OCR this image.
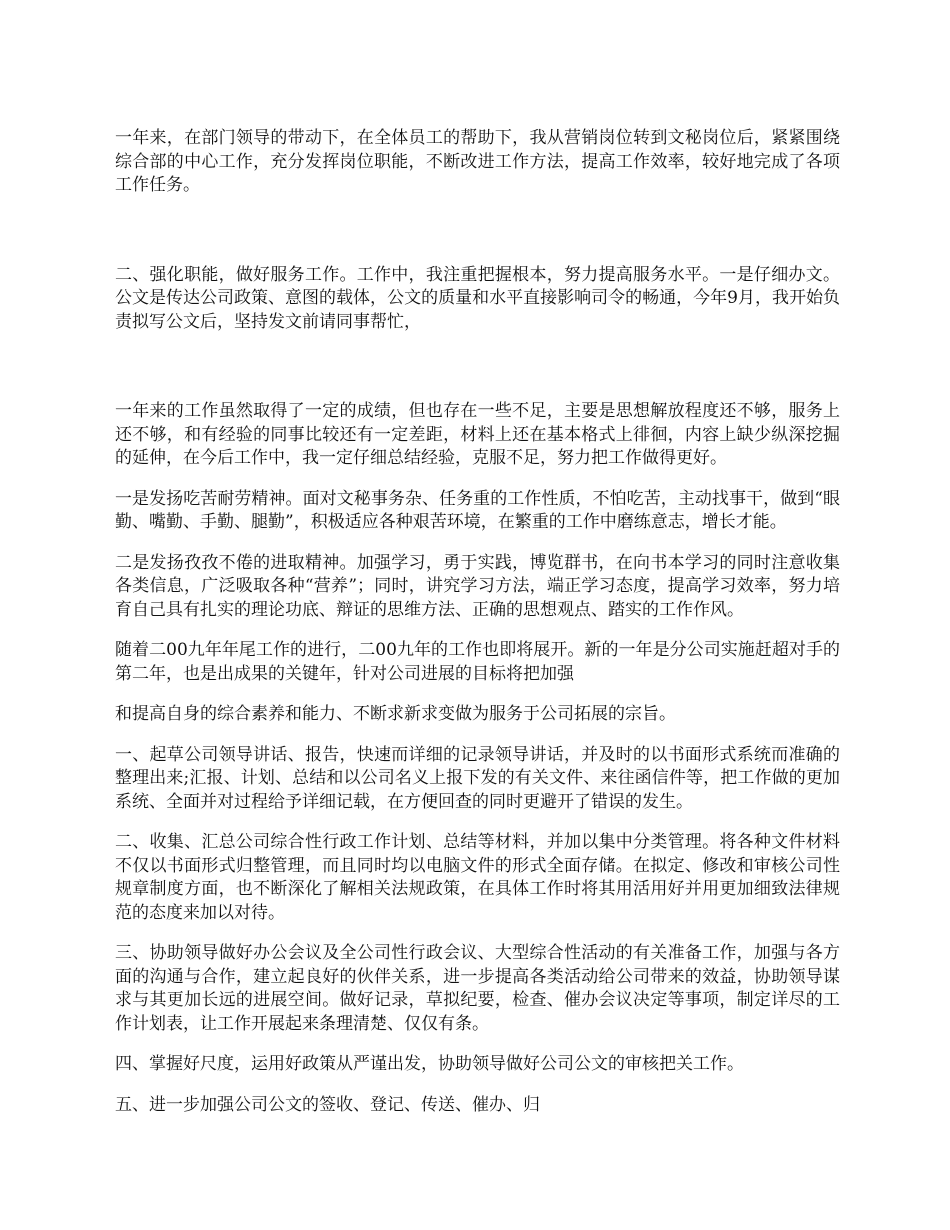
一年来，在部门领导的带动下，在全体员工的帮助下，我从营销岗位转到文秘岗位后，紧紧围绕综合部的中心工作，充分发挥岗位职能，不断改进工作方法，提高工作效率，较好地完成了各项工作任务。

二、强化职能，做好服务工作。工作中，我注重把握根本，努力提高服务水平。一是仔细办文。公文是传达公司政策、意图的载体，公文的质量和水平直接影响司令的畅通，今年9月，我开始负责拟写公文后，坚持发文前请同事帮忙，

一年来的工作虽然取得了一定的成绩，但也存在一些不足，主要是思想解放程度还不够，服务上还不够，和有经验的同事比较还有一定差距，材料上还在基本格式上徘徊，内容上缺少纵深挖掘的延伸，在今后工作中，我一定仔细总结经验，克服不足，努力把工作做得更好。

一是发扬吃苦耐劳精神。面对文秘事务杂、任务重的工作性质，不怕吃苦，主动找事干，做到“眼勤、嘴勤、手勤、腿勤”，积极适应各种艰苦环境，在繁重的工作中磨练意志，增长才能。

二是发扬孜孜不倦的进取精神。加强学习，勇于实践，博览群书，在向书本学习的同时注意收集各类信息，广泛吸取各种“营养”；同时，讲究学习方法，端正学习态度，提高学习效率，努力培育自己具有扎实的理论功底、辩证的思维方法、正确的思想观点、踏实的工作作风。

随着二00九年年尾工作的进行，二00九年的工作也即将展开。新的一年是分公司实施赶超对手的第二年，也是出成果的关键年，针对公司进展的目标将把加强

和提高自身的综合素养和能力、不断求新求变做为服务于公司拓展的宗旨。

一、起草公司领导讲话、报告，快速而详细的记录领导讲话，并及时的以书面形式系统而准确的整理出来;汇报、计划、总结和以公司名义上报下发的有关文件、来往函信件等，把工作做的更加系统、全面并对过程给予详细记载，在方便回查的同时更避开了错误的发生。

二、收集、汇总公司综合性行政工作计划、总结等材料，并加以集中分类管理。将各种文件材料不仅以书面形式归整管理，而且同时均以电脑文件的形式全面存储。在拟定、修改和审核公司性规章制度方面，也不断深化了解相关法规政策，在具体工作时将其用活用好并用更加细致法律规范的态度来加以对待。

三、协助领导做好办公会议及全公司性行政会议、大型综合性活动的有关准备工作，加强与各方面的沟通与合作，建立起良好的伙伴关系，进一步提高各类活动给公司带来的效益，协助领导谋求与其更加长远的进展空间。做好记录，草拟纪要，检查、催办会议决定等事项，制定详尽的工作计划表，让工作开展起来条理清楚、仅仅有条。

四、掌握好尺度，运用好政策从严谨出发，协助领导做好公司公文的审核把关工作。

五、进一步加强公司公文的签收、登记、传送、催办、归
